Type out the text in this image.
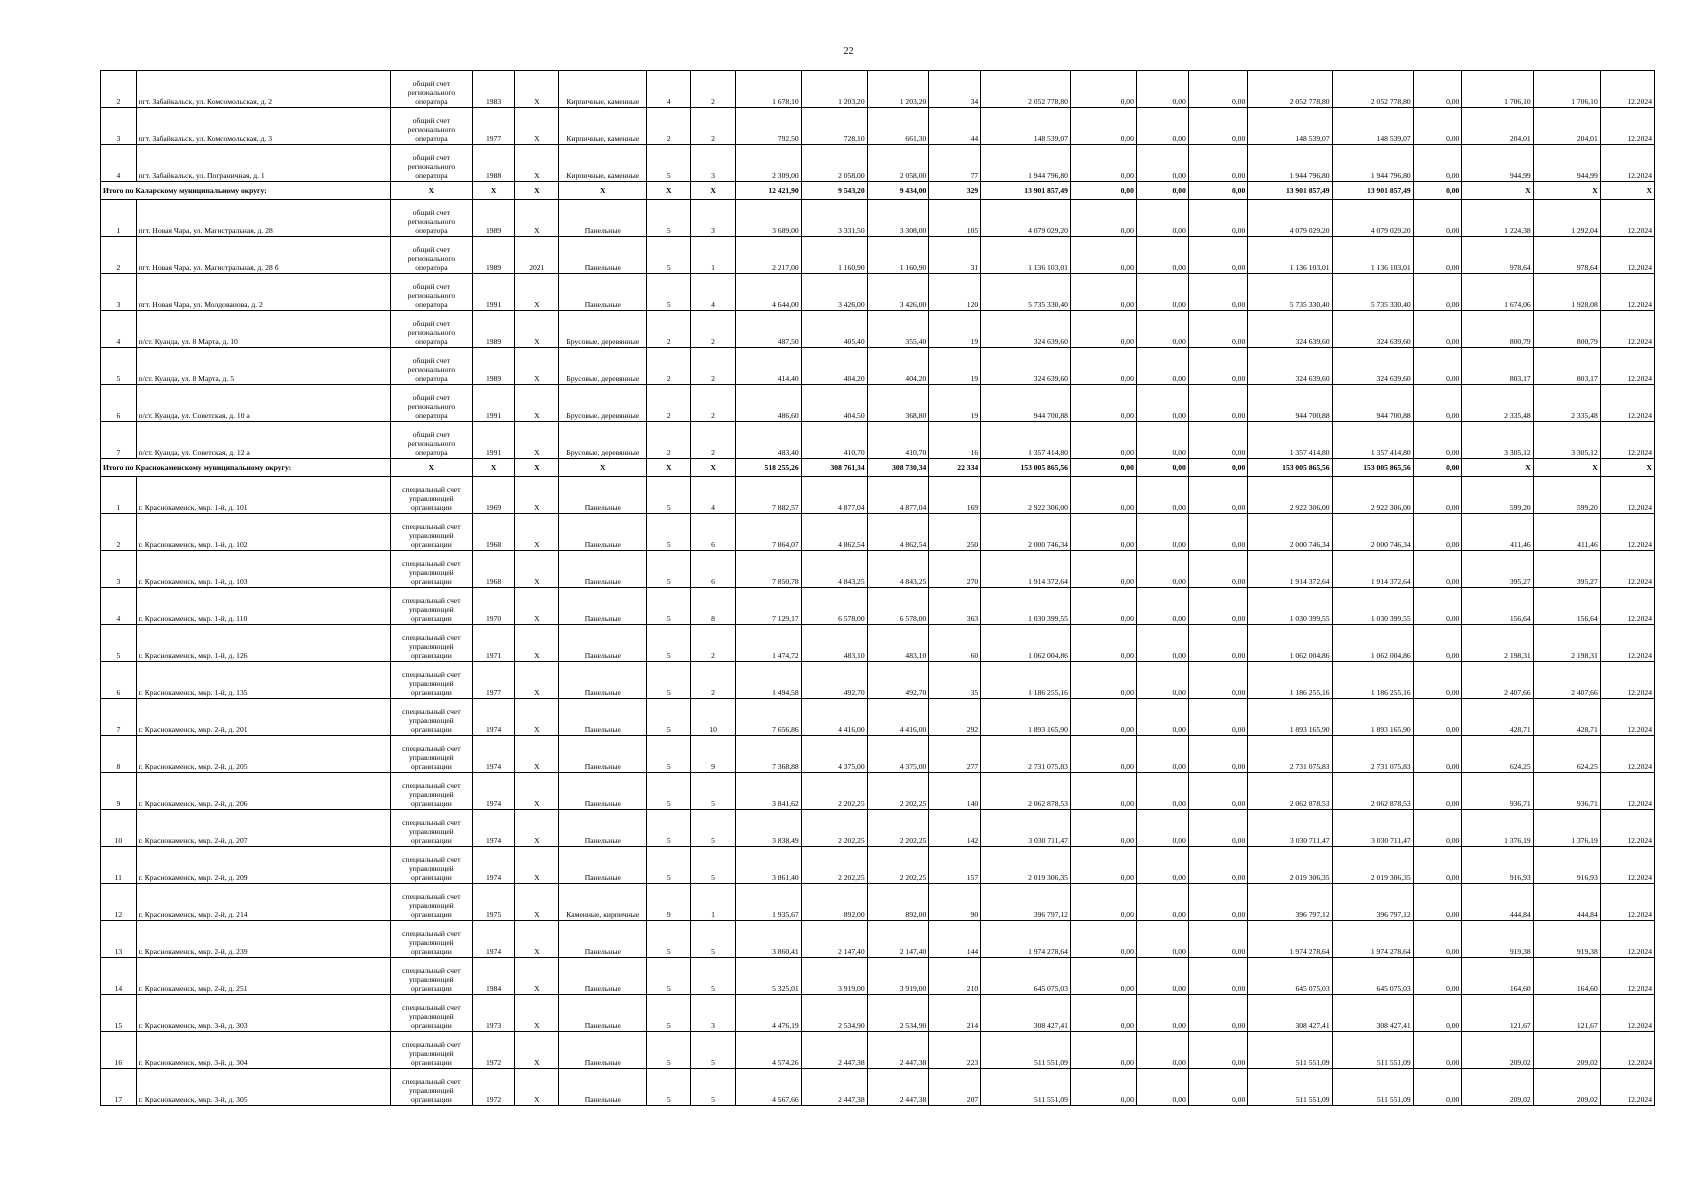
22
2	пгт. Забайкальск, ул. Комсомольская, д. 2	общий счет регионального оператора	1983	X	Кирпичные, каменные	4	2	1 678,10	1 203,20	1 203,20	34	2 052 778,80	0,00	0,00	0,00	2 052 778,80	2 052 778,80	0,00	1 706,10	1 706,10	12.2024
3	пгт. Забайкальск, ул. Комсомольская, д. 3	общий счет регионального оператора	1977	X	Кирпичные, каменные	2	2	792,50	728,10	661,30	44	148 539,07	0,00	0,00	0,00	148 539,07	148 539,07	0,00	204,01	204,01	12.2024
4	пгт. Забайкальск, ул. Пограничная, д. 1	общий счет регионального оператора	1988	X	Кирпичные, каменные	5	3	2 309,00	2 058,00	2 058,00	77	1 944 796,80	0,00	0,00	0,00	1 944 796,80	1 944 796,80	0,00	944,99	944,99	12.2024
Итого по Каларскому муниципальному округу:		X	X	X	X	X	X	12 421,90	9 543,20	9 434,00	329	13 901 857,49	0,00	0,00	0,00	13 901 857,49	13 901 857,49	0,00	X	X	X
1	пгт. Новая Чара, ул. Магистральная, д. 28	общий счет регионального оператора	1989	X	Панельные	5	3	3 689,00	3 331,50	3 308,00	105	4 079 029,20	0,00	0,00	0,00	4 079 029,20	4 079 029,20	0,00	1 224,38	1 292,04	12.2024
2	пгт. Новая Чара, ул. Магистральная, д. 28 б	общий счет регионального оператора	1989	2021	Панельные	5	1	2 217,00	1 160,90	1 160,90	31	1 136 103,01	0,00	0,00	0,00	1 136 103,01	1 136 103,01	0,00	978,64	978,64	12.2024
3	пгт. Новая Чара, ул. Молдованова, д. 2	общий счет регионального оператора	1991	X	Панельные	5	4	4 644,00	3 426,00	3 426,00	120	5 735 330,40	0,00	0,00	0,00	5 735 330,40	5 735 330,40	0,00	1 674,06	1 928,08	12.2024
4	п/ст. Куанда, ул. 8 Марта, д. 10	общий счет регионального оператора	1989	X	Брусовые, деревянные	2	2	487,50	405,40	355,40	19	324 639,60	0,00	0,00	0,00	324 639,60	324 639,60	0,00	800,79	800,79	12.2024
5	п/ст. Куанда, ул. 8 Марта, д. 5	общий счет регионального оператора	1989	X	Брусовые, деревянные	2	2	414,40	404,20	404,20	19	324 639,60	0,00	0,00	0,00	324 639,60	324 639,60	0,00	803,17	803,17	12.2024
6	п/ст. Куанда, ул. Советская, д. 10 а	общий счет регионального оператора	1991	X	Брусовые, деревянные	2	2	486,60	404,50	368,80	19	944 700,88	0,00	0,00	0,00	944 700,88	944 700,88	0,00	2 335,48	2 335,48	12.2024
7	п/ст. Куанда, ул. Советская, д. 12 а	общий счет регионального оператора	1991	X	Брусовые, деревянные	2	2	483,40	410,70	410,70	16	1 357 414,80	0,00	0,00	0,00	1 357 414,80	1 357 414,80	0,00	3 305,12	3 305,12	12.2024
Итого по Краснокаменскому муниципальному округу:		X	X	X	X	X	X	518 255,26	308 761,34	308 730,34	22 334	153 005 865,56	0,00	0,00	0,00	153 005 865,56	153 005 865,56	0,00	X	X	X
1	г. Краснокаменск, мкр. 1-й, д. 101	специальный счет управляющей организации	1969	X	Панельные	5	4	7 882,57	4 877,04	4 877,04	169	2 922 306,00	0,00	0,00	0,00	2 922 306,00	2 922 306,00	0,00	599,20	599,20	12.2024
2	г. Краснокаменск, мкр. 1-й, д. 102	специальный счет управляющей организации	1968	X	Панельные	5	6	7 864,07	4 862,54	4 862,54	250	2 000 746,34	0,00	0,00	0,00	2 000 746,34	2 000 746,34	0,00	411,46	411,46	12.2024
3	г. Краснокаменск, мкр. 1-й, д. 103	специальный счет управляющей организации	1968	X	Панельные	5	6	7 850,78	4 843,25	4 843,25	270	1 914 372,64	0,00	0,00	0,00	1 914 372,64	1 914 372,64	0,00	395,27	395,27	12.2024
4	г. Краснокаменск, мкр. 1-й, д. 110	специальный счет управляющей организации	1970	X	Панельные	5	8	7 129,17	6 578,00	6 578,00	363	1 030 399,55	0,00	0,00	0,00	1 030 399,55	1 030 399,55	0,00	156,64	156,64	12.2024
5	г. Краснокаменск, мкр. 1-й, д. 126	специальный счет управляющей организации	1971	X	Панельные	5	2	1 474,72	483,10	483,10	60	1 062 004,86	0,00	0,00	0,00	1 062 004,86	1 062 004,86	0,00	2 198,31	2 198,31	12.2024
6	г. Краснокаменск, мкр. 1-й, д. 135	специальный счет управляющей организации	1977	X	Панельные	5	2	1 494,58	492,70	492,70	35	1 186 255,16	0,00	0,00	0,00	1 186 255,16	1 186 255,16	0,00	2 407,66	2 407,66	12.2024
7	г. Краснокаменск, мкр. 2-й, д. 201	специальный счет управляющей организации	1974	X	Панельные	5	10	7 656,86	4 416,00	4 416,00	292	1 893 165,90	0,00	0,00	0,00	1 893 165,90	1 893 165,90	0,00	428,71	428,71	12.2024
8	г. Краснокаменск, мкр. 2-й, д. 205	специальный счет управляющей организации	1974	X	Панельные	5	9	7 368,88	4 375,00	4 375,00	277	2 731 075,83	0,00	0,00	0,00	2 731 075,83	2 731 075,83	0,00	624,25	624,25	12.2024
9	г. Краснокаменск, мкр. 2-й, д. 206	специальный счет управляющей организации	1974	X	Панельные	5	5	3 841,62	2 202,25	2 202,25	140	2 062 878,53	0,00	0,00	0,00	2 062 878,53	2 062 878,53	0,00	936,71	936,71	12.2024
10	г. Краснокаменск, мкр. 2-й, д. 207	специальный счет управляющей организации	1974	X	Панельные	5	5	3 838,49	2 202,25	2 202,25	142	3 030 711,47	0,00	0,00	0,00	3 030 711,47	3 030 711,47	0,00	1 376,19	1 376,19	12.2024
11	г. Краснокаменск, мкр. 2-й, д. 209	специальный счет управляющей организации	1974	X	Панельные	5	5	3 861,40	2 202,25	2 202,25	157	2 019 306,35	0,00	0,00	0,00	2 019 306,35	2 019 306,35	0,00	916,93	916,93	12.2024
12	г. Краснокаменск, мкр. 2-й, д. 214	специальный счет управляющей организации	1975	X	Каменные, кирпичные	9	1	1 935,67	892,00	892,00	90	396 797,12	0,00	0,00	0,00	396 797,12	396 797,12	0,00	444,84	444,84	12.2024
13	г. Краснокаменск, мкр. 2-й, д. 239	специальный счет управляющей организации	1974	X	Панельные	5	5	3 860,41	2 147,40	2 147,40	144	1 974 278,64	0,00	0,00	0,00	1 974 278,64	1 974 278,64	0,00	919,38	919,38	12.2024
14	г. Краснокаменск, мкр. 2-й, д. 251	специальный счет управляющей организации	1984	X	Панельные	5	5	5 325,01	3 919,00	3 919,00	210	645 075,03	0,00	0,00	0,00	645 075,03	645 075,03	0,00	164,60	164,60	12.2024
15	г. Краснокаменск, мкр. 3-й, д. 303	специальный счет управляющей организации	1973	X	Панельные	5	3	4 476,19	2 534,90	2 534,90	214	308 427,41	0,00	0,00	0,00	308 427,41	308 427,41	0,00	121,67	121,67	12.2024
16	г. Краснокаменск, мкр. 3-й, д. 304	специальный счет управляющей организации	1972	X	Панельные	5	5	4 574,26	2 447,38	2 447,38	223	511 551,09	0,00	0,00	0,00	511 551,09	511 551,09	0,00	209,02	209,02	12.2024
17	г. Краснокаменск, мкр. 3-й, д. 305	специальный счет управляющей организации	1972	X	Панельные	5	5	4 567,66	2 447,38	2 447,38	207	511 551,09	0,00	0,00	0,00	511 551,09	511 551,09	0,00	209,02	209,02	12.2024
